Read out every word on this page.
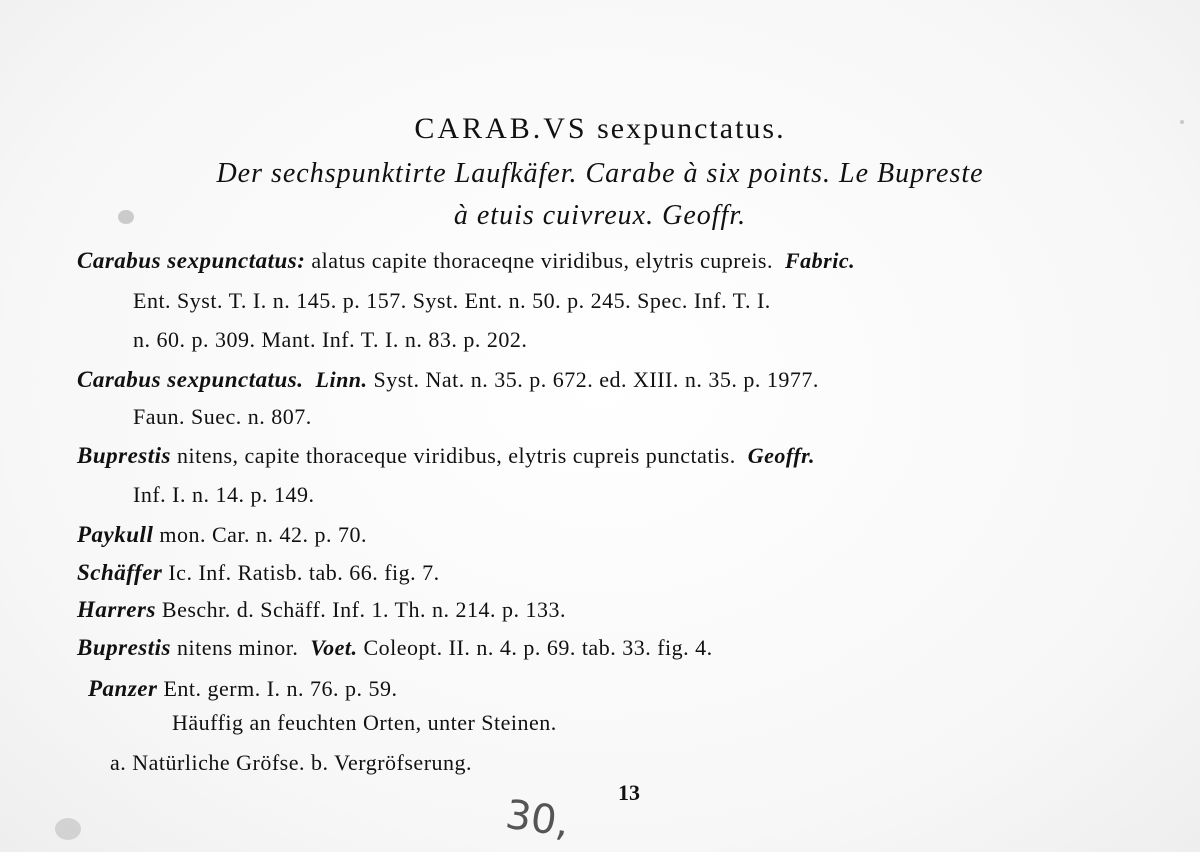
CARAB.VS sexpunctatus.
Der sechspunktirte Laufkäfer. Carabe à six points. Le Bupreste
à etuis cuivreux. Geoffr.
Carabus sexpunctatus: alatus capite thoraceqne viridibus, elytris cupreis. Fabric.
Ent. Syst. T. I. n. 145. p. 157. Syst. Ent. n. 50. p. 245. Spec. Inf. T. I.
n. 60. p. 309. Mant. Inf. T. I. n. 83. p. 202.
Carabus sexpunctatus. Linn. Syst. Nat. n. 35. p. 672. ed. XIII. n. 35. p. 1977.
Faun. Suec. n. 807.
Buprestis nitens, capite thoraceque viridibus, elytris cupreis punctatis. Geoffr.
Inf. I. n. 14. p. 149.
Paykull mon. Car. n. 42. p. 70.
Schäffer Ic. Inf. Ratisb. tab. 66. fig. 7.
Harrers Beschr. d. Schäff. Inf. 1. Th. n. 214. p. 133.
Buprestis nitens minor. Voet. Coleopt. II. n. 4. p. 69. tab. 33. fig. 4.
Panzer Ent. germ. I. n. 76. p. 59.
Häuffig an feuchten Orten, unter Steinen.
a. Natürliche Gröfse. b. Vergröfserung.
13
30,
